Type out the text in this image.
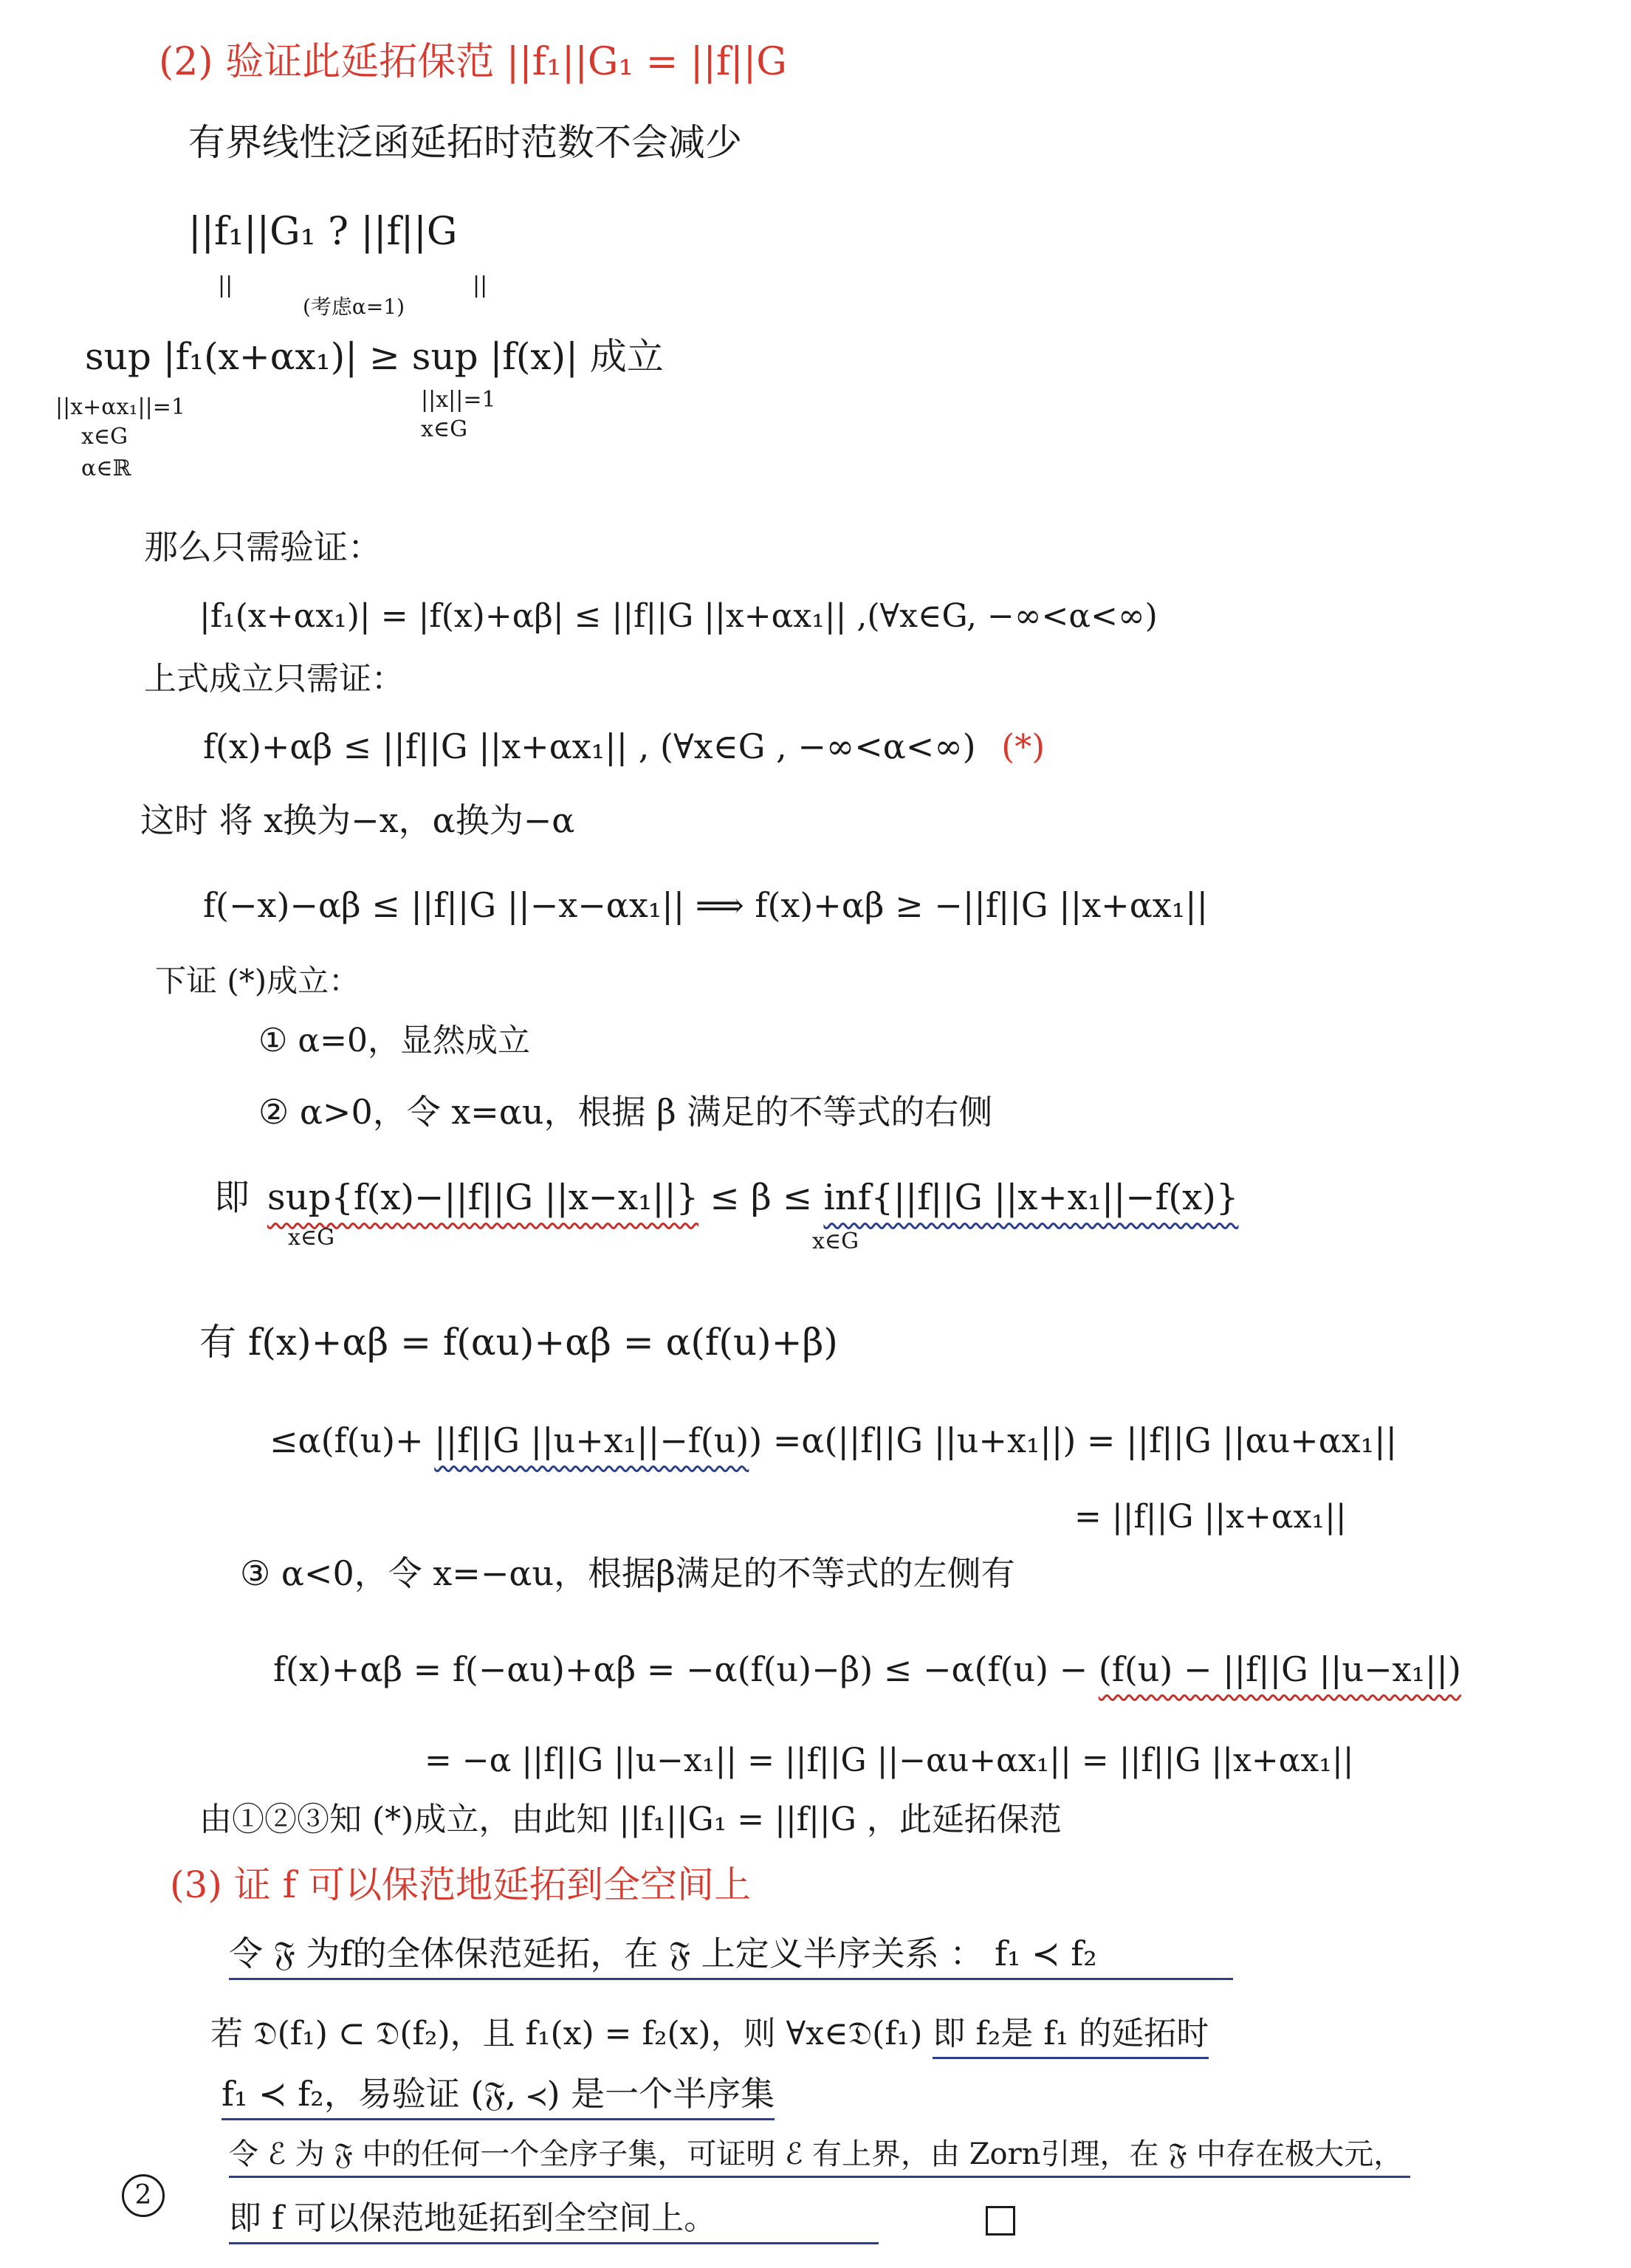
(2) 验证此延拓保范 ||f₁||G₁ = ||f||G
有界线性泛函延拓时范数不会减少
||f₁||G₁ ? ||f||G
||	||
(考虑α=1)
sup |f₁(x+αx₁)| ≥ sup |f(x)| 成立
||x+αx₁||=1
x∈G
α∈ℝ
||x||=1
x∈G
那么只需验证：
|f₁(x+αx₁)| = |f(x)+αβ| ≤ ||f||G ||x+αx₁|| ,(∀x∈G, −∞<α<∞)
上式成立只需证：
f(x)+αβ ≤ ||f||G ||x+αx₁|| , (∀x∈G , −∞<α<∞) (*)
这时 将 x换为−x，α换为−α
f(−x)−αβ ≤ ||f||G ||−x−αx₁|| ⟹ f(x)+αβ ≥ −||f||G ||x+αx₁||
下证 (*)成立：
① α=0，显然成立
② α>0，令 x=αu，根据 β 满足的不等式的右侧
即 sup{f(x)−||f||G ||x−x₁||} ≤ β ≤ inf{||f||G ||x+x₁||−f(x)}
x∈G	x∈G
有 f(x)+αβ = f(αu)+αβ = α(f(u)+β)
≤α(f(u)+ ||f||G ||u+x₁||−f(u)) =α(||f||G ||u+x₁||) = ||f||G ||αu+αx₁||
= ||f||G ||x+αx₁||
③ α<0，令 x=−αu，根据β满足的不等式的左侧有
f(x)+αβ = f(−αu)+αβ = −α(f(u)−β) ≤ −α(f(u) − (f(u) − ||f||G ||u−x₁||)
= −α ||f||G ||u−x₁|| = ||f||G ||−αu+αx₁|| = ||f||G ||x+αx₁||
由①②③知 (*)成立，由此知 ||f₁||G₁ = ||f||G ，此延拓保范
(3) 证 f 可以保范地延拓到全空间上
令 𝔉 为f的全体保范延拓，在 𝔉 上定义半序关系 ： f₁ ≺ f₂
若 𝔇(f₁) ⊂ 𝔇(f₂)，且 f₁(x) = f₂(x)，则 ∀x∈𝔇(f₁) 即 f₂是 f₁ 的延拓时
f₁ ≺ f₂，易验证 (𝔉, ≺) 是一个半序集
令 ℰ 为 𝔉 中的任何一个全序子集，可证明 ℰ 有上界，由 Zorn引理，在 𝔉 中存在极大元，
2
即 f 可以保范地延拓到全空间上。
